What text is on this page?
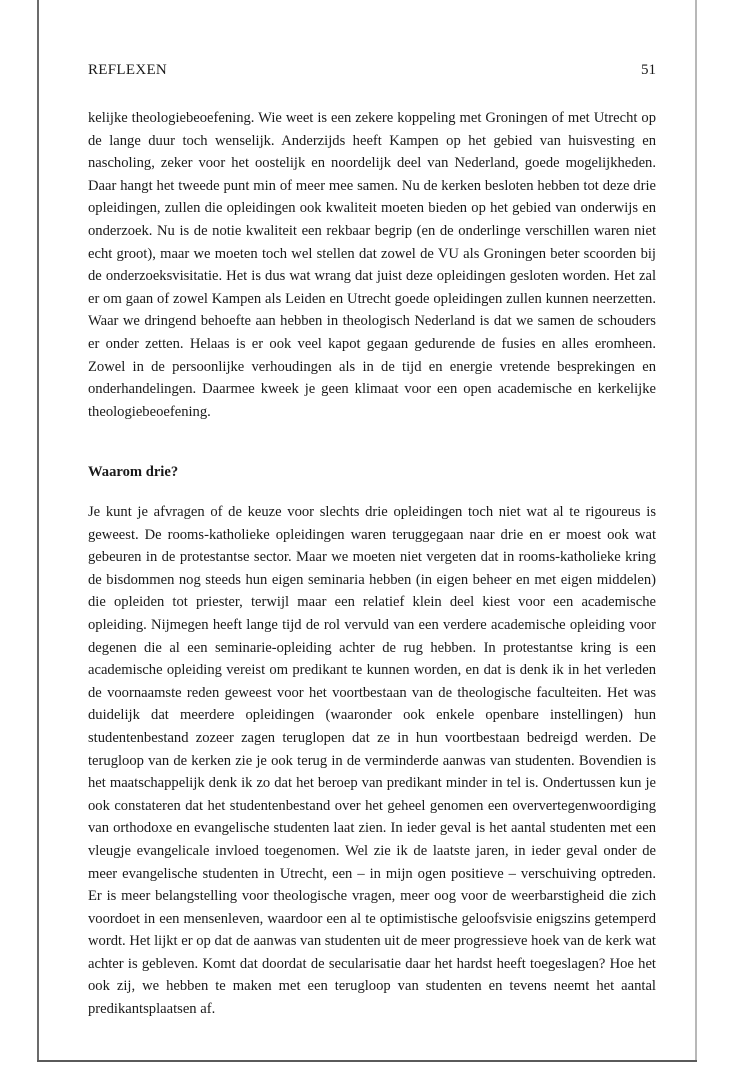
REFLEXEN	51

kelijke theologiebeoefening. Wie weet is een zekere koppeling met Groningen of met Utrecht op de lange duur toch wenselijk. Anderzijds heeft Kampen op het gebied van huisvesting en nascholing, zeker voor het oostelijk en noordelijk deel van Nederland, goede mogelijkheden. Daar hangt het tweede punt min of meer mee samen. Nu de kerken besloten hebben tot deze drie opleidingen, zullen die opleidingen ook kwaliteit moeten bieden op het gebied van onderwijs en onderzoek. Nu is de notie kwaliteit een rekbaar begrip (en de onderlinge verschillen waren niet echt groot), maar we moeten toch wel stellen dat zowel de VU als Groningen beter scoorden bij de onderzoeksvisitatie. Het is dus wat wrang dat juist deze opleidingen gesloten worden. Het zal er om gaan of zowel Kampen als Leiden en Utrecht goede opleidingen zullen kunnen neerzetten. Waar we dringend behoefte aan hebben in theologisch Nederland is dat we samen de schouders er onder zetten. Helaas is er ook veel kapot gegaan gedurende de fusies en alles eromheen. Zowel in de persoonlijke verhoudingen als in de tijd en energie vretende besprekingen en onderhandelingen. Daarmee kweek je geen klimaat voor een open academische en kerkelijke theologiebeoefening.

Waarom drie?

Je kunt je afvragen of de keuze voor slechts drie opleidingen toch niet wat al te rigoureus is geweest. De rooms-katholieke opleidingen waren teruggegaan naar drie en er moest ook wat gebeuren in de protestantse sector. Maar we moeten niet vergeten dat in rooms-katholieke kring de bisdommen nog steeds hun eigen seminaria hebben (in eigen beheer en met eigen middelen) die opleiden tot priester, terwijl maar een relatief klein deel kiest voor een academische opleiding. Nijmegen heeft lange tijd de rol vervuld van een verdere academische opleiding voor degenen die al een seminarie-opleiding achter de rug hebben. In protestantse kring is een academische opleiding vereist om predikant te kunnen worden, en dat is denk ik in het verleden de voornaamste reden geweest voor het voortbestaan van de theologische faculteiten. Het was duidelijk dat meerdere opleidingen (waaronder ook enkele openbare instellingen) hun studentenbestand zozeer zagen teruglopen dat ze in hun voortbestaan bedreigd werden. De terugloop van de kerken zie je ook terug in de verminderde aanwas van studenten. Bovendien is het maatschappelijk denk ik zo dat het beroep van predikant minder in tel is. Ondertussen kun je ook constateren dat het studentenbestand over het geheel genomen een oververtegenwoordiging van orthodoxe en evangelische studenten laat zien. In ieder geval is het aantal studenten met een vleugje evangelicale invloed toegenomen. Wel zie ik de laatste jaren, in ieder geval onder de meer evangelische studenten in Utrecht, een – in mijn ogen positieve – verschuiving optreden. Er is meer belangstelling voor theologische vragen, meer oog voor de weerbarstigheid die zich voordoet in een mensenleven, waardoor een al te optimistische geloofsvisie enigszins getemperd wordt. Het lijkt er op dat de aanwas van studenten uit de meer progressieve hoek van de kerk wat achter is gebleven. Komt dat doordat de secularisatie daar het hardst heeft toegeslagen? Hoe het ook zij, we hebben te maken met een terugloop van studenten en tevens neemt het aantal predikantsplaatsen af.
